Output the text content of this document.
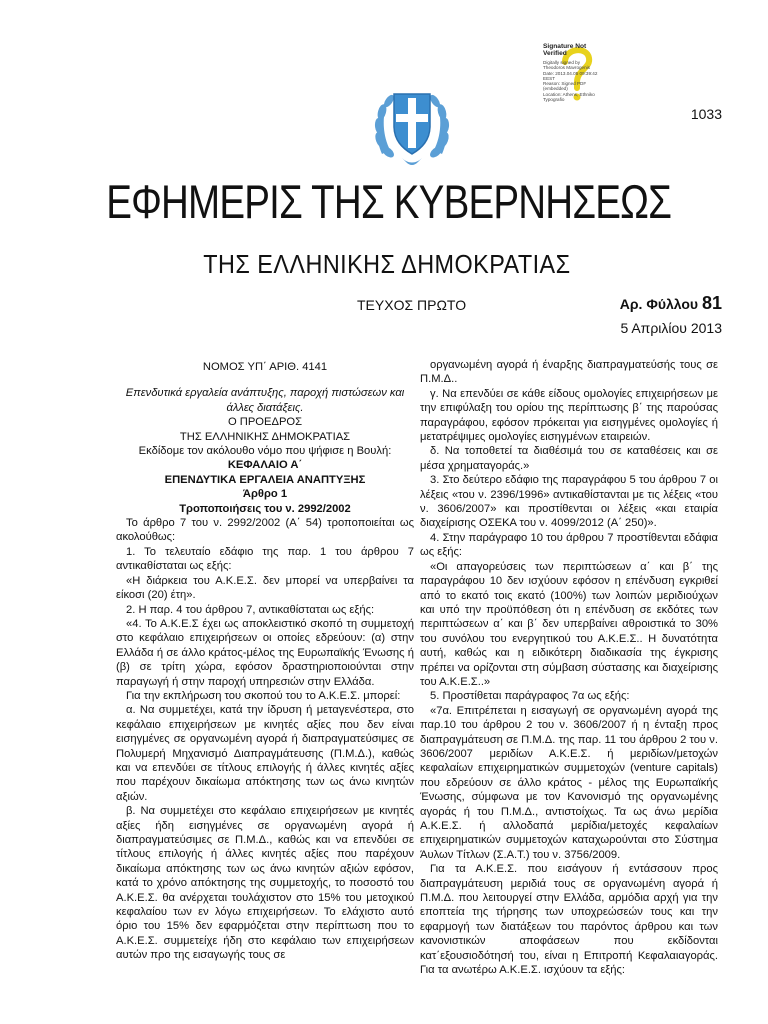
Signature Not Verified
Digitally signed by
Theodoros Mavrogenis
Date: 2013.04.05 09:39:42
EEST
Reason: Signed PDF
(embedded)
Location: Athens, Ethniko
Typografio
1033
ΕΦΗΜΕΡΙΣ ΤΗΣ ΚΥΒΕΡΝΗΣΕΩΣ
ΤΗΣ ΕΛΛΗΝΙΚΗΣ ΔΗΜΟΚΡΑΤΙΑΣ
ΤΕΥΧΟΣ ΠΡΩΤΟ	Αρ. Φύλλου 81
5 Απριλίου 2013

ΝΟΜΟΣ ΥΠ΄ ΑΡΙΘ. 4141

Επενδυτικά εργαλεία ανάπτυξης, παροχή πιστώσεων και άλλες διατάξεις.

Ο ΠΡΟΕΔΡΟΣ

ΤΗΣ ΕΛΛΗΝΙΚΗΣ ΔΗΜΟΚΡΑΤΙΑΣ

Εκδίδομε τον ακόλουθο νόμο που ψήφισε η Βουλή:

ΚΕΦΑΛΑΙΟ Α΄

ΕΠΕΝΔΥΤΙΚΑ ΕΡΓΑΛΕΙΑ ΑΝΑΠΤΥΞΗΣ

Άρθρο 1

Τροποποιήσεις του ν. 2992/2002

Το άρθρο 7 του ν. 2992/2002 (Α΄ 54) τροποποιείται ως ακολούθως:

1. Το τελευταίο εδάφιο της παρ. 1 του άρθρου 7 αντικαθίσταται ως εξής:

«Η διάρκεια του Α.Κ.Ε.Σ. δεν μπορεί να υπερβαίνει τα είκοσι (20) έτη».

2. Η παρ. 4 του άρθρου 7, αντικαθίσταται ως εξής:

«4. Το Α.Κ.Ε.Σ έχει ως αποκλειστικό σκοπό τη συμμετοχή στο κεφάλαιο επιχειρήσεων οι οποίες εδρεύουν: (α) στην Ελλάδα ή σε άλλο κράτος-μέλος της Ευρωπαϊκής Ένωσης ή (β) σε τρίτη χώρα, εφόσον δραστηριοποιούνται στην παραγωγή ή στην παροχή υπηρεσιών στην Ελλάδα.

Για την εκπλήρωση του σκοπού του το Α.Κ.Ε.Σ. μπορεί:

α. Να συμμετέχει, κατά την ίδρυση ή μεταγενέστερα, στο κεφάλαιο επιχειρήσεων με κινητές αξίες που δεν είναι εισηγμένες σε οργανωμένη αγορά ή διαπραγματεύσιμες σε Πολυμερή Μηχανισμό Διαπραγμάτευσης (Π.Μ.Δ.), καθώς και να επενδύει σε τίτλους επιλογής ή άλλες κινητές αξίες που παρέχουν δικαίωμα απόκτησης των ως άνω κινητών αξιών.

β. Να συμμετέχει στο κεφάλαιο επιχειρήσεων με κινητές αξίες ήδη εισηγμένες σε οργανωμένη αγορά ή διαπραγματεύσιμες σε Π.Μ.Δ., καθώς και να επενδύει σε τίτλους επιλογής ή άλλες κινητές αξίες που παρέχουν δικαίωμα απόκτησης των ως άνω κινητών αξιών εφόσον, κατά το χρόνο απόκτησης της συμμετοχής, το ποσοστό του Α.Κ.Ε.Σ. θα ανέρχεται τουλάχιστον στο 15% του μετοχικού κεφαλαίου των εν λόγω επιχειρήσεων. Το ελάχιστο αυτό όριο του 15% δεν εφαρμόζεται στην περίπτωση που το Α.Κ.Ε.Σ. συμμετείχε ήδη στο κεφάλαιο των επιχειρήσεων αυτών προ της εισαγωγής τους σε

οργανωμένη αγορά ή έναρξης διαπραγματεύσής τους σε Π.Μ.Δ..

γ. Να επενδύει σε κάθε είδους ομολογίες επιχειρήσεων με την επιφύλαξη του ορίου της περίπτωσης β΄ της παρούσας παραγράφου, εφόσον πρόκειται για εισηγμένες ομολογίες ή μετατρέψιμες ομολογίες εισηγμένων εταιρειών.

δ. Να τοποθετεί τα διαθέσιμά του σε καταθέσεις και σε μέσα χρηματαγοράς.»

3. Στο δεύτερο εδάφιο της παραγράφου 5 του άρθρου 7 οι λέξεις «του ν. 2396/1996» αντικαθίστανται με τις λέξεις «του ν. 3606/2007» και προστίθενται οι λέξεις «και εταιρία διαχείρισης ΟΣΕΚΑ του ν. 4099/2012 (Α΄ 250)».

4. Στην παράγραφο 10 του άρθρου 7 προστίθενται εδάφια ως εξής:

«Οι απαγορεύσεις των περιπτώσεων α΄ και β΄ της παραγράφου 10 δεν ισχύουν εφόσον η επένδυση εγκριθεί από το εκατό τοις εκατό (100%) των λοιπών μεριδιούχων και υπό την προϋπόθεση ότι η επένδυση σε εκδότες των περιπτώσεων α΄ και β΄ δεν υπερβαίνει αθροιστικά το 30% του συνόλου του ενεργητικού του Α.Κ.Ε.Σ.. Η δυνατότητα αυτή, καθώς και η ειδικότερη διαδικασία της έγκρισης πρέπει να ορίζονται στη σύμβαση σύστασης και διαχείρισης του Α.Κ.Ε.Σ..»

5. Προστίθεται παράγραφος 7α ως εξής:

«7α. Επιτρέπεται η εισαγωγή σε οργανωμένη αγορά της παρ.10 του άρθρου 2 του ν. 3606/2007 ή η ένταξη προς διαπραγμάτευση σε Π.Μ.Δ. της παρ. 11 του άρθρου 2 του ν. 3606/2007 μεριδίων Α.Κ.Ε.Σ. ή μεριδίων/μετοχών κεφαλαίων επιχειρηματικών συμμετοχών (venture capitals) που εδρεύουν σε άλλο κράτος - μέλος της Ευρωπαϊκής Ένωσης, σύμφωνα με τον Κανονισμό της οργανωμένης αγοράς ή του Π.Μ.Δ., αντιστοίχως. Τα ως άνω μερίδια Α.Κ.Ε.Σ. ή αλλοδαπά μερίδια/μετοχές κεφαλαίων επιχειρηματικών συμμετοχών καταχωρούνται στο Σύστημα Άυλων Τίτλων (Σ.Α.Τ.) του ν. 3756/2009.

Για τα Α.Κ.Ε.Σ. που εισάγουν ή εντάσσουν προς διαπραγμάτευση μεριδιά τους σε οργανωμένη αγορά ή Π.Μ.Δ. που λειτουργεί στην Ελλάδα, αρμόδια αρχή για την εποπτεία της τήρησης των υποχρεώσεών τους και την εφαρμογή των διατάξεων του παρόντος άρθρου και των κανονιστικών αποφάσεων που εκδίδονται κατ΄εξουσιοδότησή του, είναι η Επιτροπή Κεφαλαιαγοράς. Για τα ανωτέρω Α.Κ.Ε.Σ. ισχύουν τα εξής:
